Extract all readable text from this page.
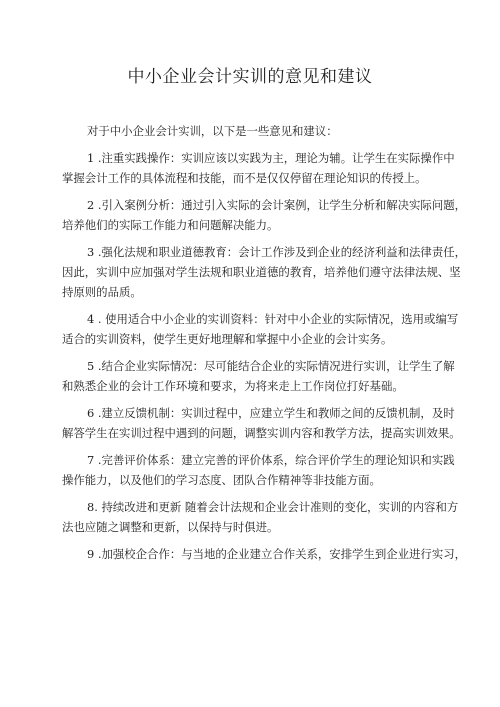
中小企业会计实训的意见和建议
对于中小企业会计实训，以下是一些意见和建议：
1 .注重实践操作：实训应该以实践为主，理论为辅。让学生在实际操作中
掌握会计工作的具体流程和技能，而不是仅仅停留在理论知识的传授上。
2 .引入案例分析：通过引入实际的会计案例，让学生分析和解决实际问题，
培养他们的实际工作能力和问题解决能力。
3 .强化法规和职业道德教育：会计工作涉及到企业的经济利益和法律责任，
因此，实训中应加强对学生法规和职业道德的教育，培养他们遵守法律法规、坚
持原则的品质。
4 . 使用适合中小企业的实训资料：针对中小企业的实际情况，选用或编写
适合的实训资料，使学生更好地理解和掌握中小企业的会计实务。
5 .结合企业实际情况：尽可能结合企业的实际情况进行实训，让学生了解
和熟悉企业的会计工作环境和要求，为将来走上工作岗位打好基础。
6 .建立反馈机制：实训过程中，应建立学生和教师之间的反馈机制，及时
解答学生在实训过程中遇到的问题，调整实训内容和教学方法，提高实训效果。
7 .完善评价体系：建立完善的评价体系，综合评价学生的理论知识和实践
操作能力，以及他们的学习态度、团队合作精神等非技能方面。
8. 持续改进和更新 随着会计法规和企业会计准则的变化，实训的内容和方
法也应随之调整和更新，以保持与时俱进。
9 .加强校企合作：与当地的企业建立合作关系，安排学生到企业进行实习，
